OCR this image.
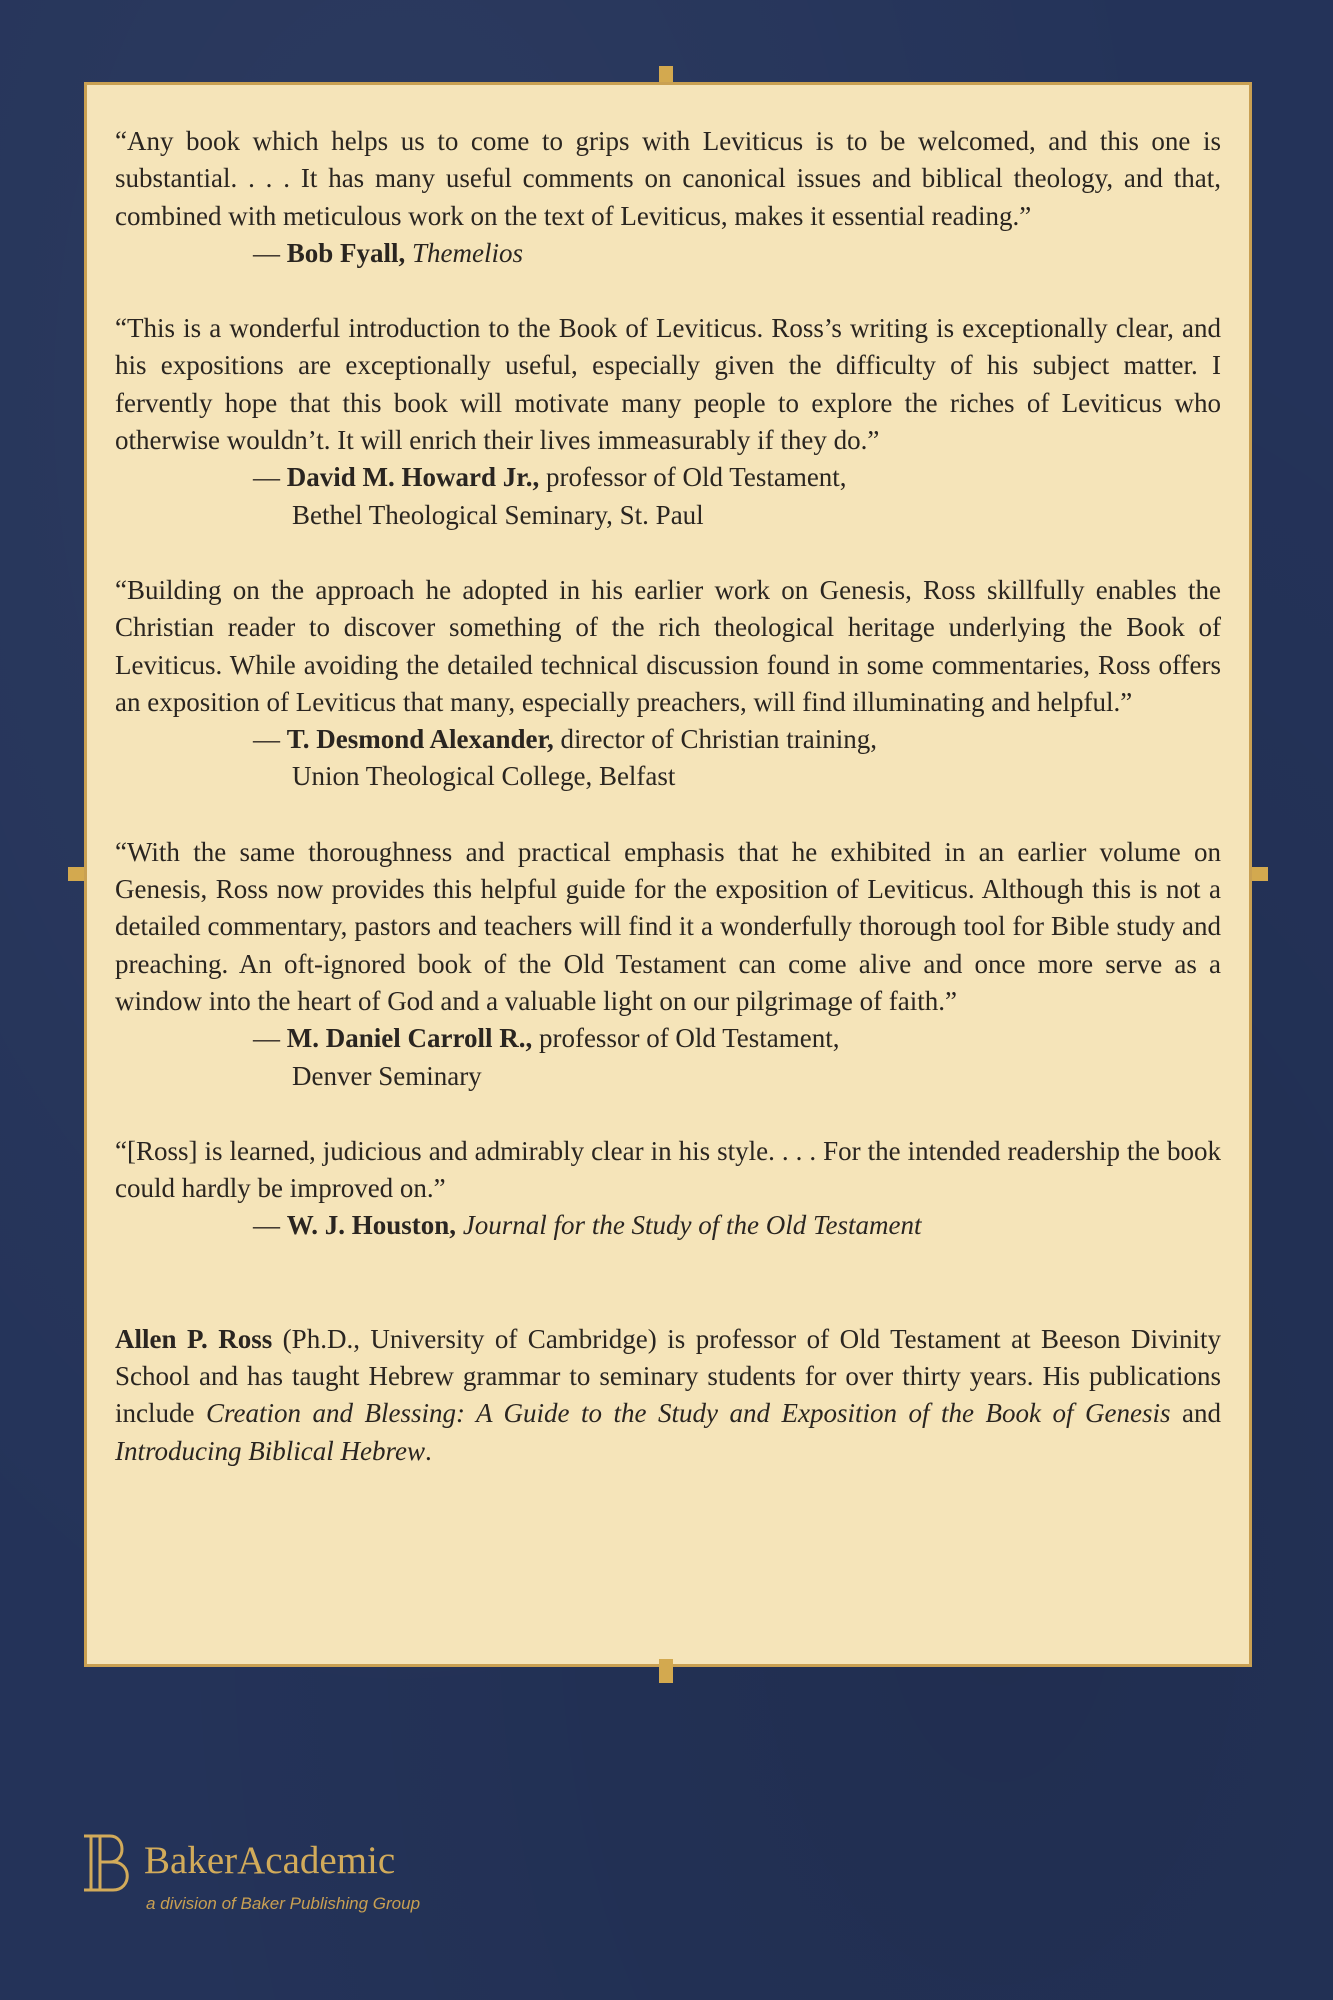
“Any book which helps us to come to grips with Leviticus is to be welcomed, and this one is substantial. . . . It has many useful comments on canonical issues and biblical theology, and that, combined with meticulous work on the text of Leviticus, makes it essential reading.”

— Bob Fyall, Themelios

“This is a wonderful introduction to the Book of Leviticus. Ross’s writing is exceptionally clear, and his expositions are exceptionally useful, especially given the difficulty of his subject matter. I fervently hope that this book will motivate many people to explore the riches of Leviticus who otherwise wouldn’t. It will enrich their lives immeasurably if they do.”

— David M. Howard Jr., professor of Old Testament,
Bethel Theological Seminary, St. Paul

“Building on the approach he adopted in his earlier work on Genesis, Ross skillfully enables the Christian reader to discover something of the rich theological heritage underlying the Book of Leviticus. While avoiding the detailed technical discussion found in some commentaries, Ross offers an exposition of Leviticus that many, especially preachers, will find illuminating and helpful.”

— T. Desmond Alexander, director of Christian training,
Union Theological College, Belfast

“With the same thoroughness and practical emphasis that he exhibited in an earlier volume on Genesis, Ross now provides this helpful guide for the exposition of Leviticus. Although this is not a detailed commentary, pastors and teachers will find it a wonderfully thorough tool for Bible study and preaching. An oft-ignored book of the Old Testament can come alive and once more serve as a window into the heart of God and a valuable light on our pilgrimage of faith.”

— M. Daniel Carroll R., professor of Old Testament,
Denver Seminary

“[Ross] is learned, judicious and admirably clear in his style. . . . For the intended readership the book could hardly be improved on.”

— W. J. Houston, Journal for the Study of the Old Testament

Allen P. Ross (Ph.D., University of Cambridge) is professor of Old Testament at Beeson Divinity School and has taught Hebrew grammar to seminary students for over thirty years. His publications include Creation and Blessing: A Guide to the Study and Exposition of the Book of Genesis and Introducing Biblical Hebrew.

BakerAcademic
a division of Baker Publishing Group
